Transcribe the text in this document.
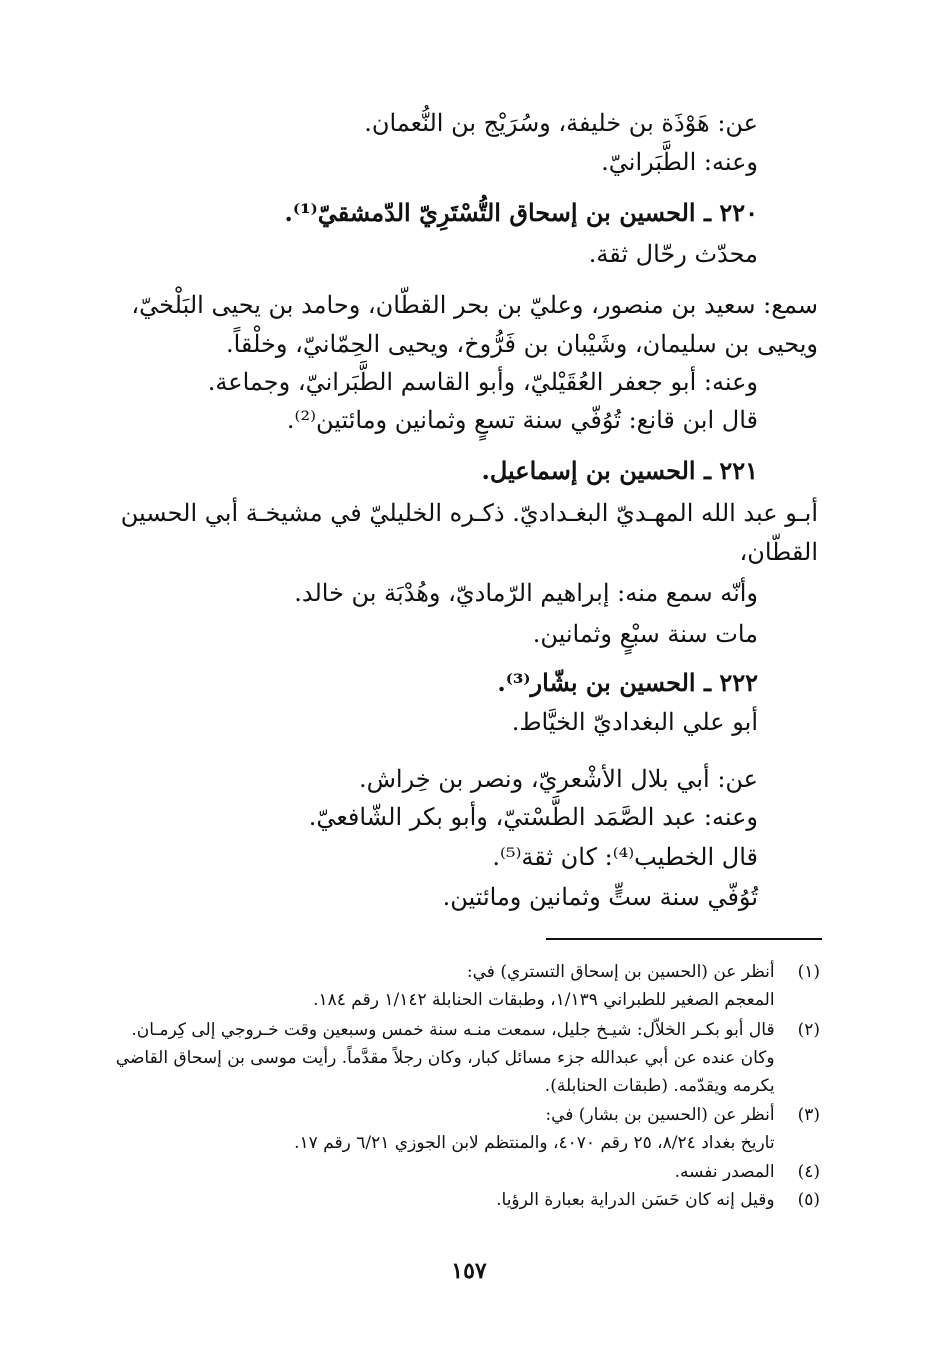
عن: هَوْذَة بن خليفة، وسُرَيْج بن النُّعمان.
وعنه: الطَّبَرانيّ.
٢٢٠ ـ الحسين بن إسحاق التُّسْتَرِيّ الدّمشقيّ⁽¹⁾.
محدّث رحّال ثقة.
سمع: سعيد بن منصور، وعليّ بن بحر القطّان، وحامد بن يحيى البَلْخيّ،
ويحيى بن سليمان، وشَيْبان بن فَرُّوخ، ويحيى الحِمّانيّ، وخلْقاً.
وعنه: أبو جعفر العُقَيْليّ، وأبو القاسم الطَّبَرانيّ، وجماعة.
قال ابن قانع: تُوُفّي سنة تسعٍ وثمانين ومائتين⁽²⁾.
٢٢١ ـ الحسين بن إسماعيل.
أبـو عبد الله المهـديّ البغـداديّ. ذكـره الخليليّ في مشيخـة أبي الحسين
القطّان،
وأنّه سمع منه: إبراهيم الرّماديّ، وهُدْبَة بن خالد.
مات سنة سبْعٍ وثمانين.
٢٢٢ ـ الحسين بن بشّار⁽³⁾.
أبو علي البغداديّ الخيَّاط.
عن: أبي بلال الأشْعريّ، ونصر بن خِراش.
وعنه: عبد الصَّمَد الطَّسْتيّ، وأبو بكر الشّافعيّ.
قال الخطيب⁽⁴⁾: كان ثقة⁽⁵⁾.
تُوُفّي سنة ستٍّ وثمانين ومائتين.
(١) أنظر عن (الحسين بن إسحاق التستري) في:
المعجم الصغير للطبراني ١/١٣٩، وطبقات الحنابلة ١/١٤٢ رقم ١٨٤.
(٢) قال أبو بكـر الخلاّل: شيـخ جليل، سمعت منـه سنة خمس وسبعين وقت خـروجي إلى كِرمـان.
وكان عنده عن أبي عبدالله جزء مسائل كبار، وكان رجلاً مقدَّماً. رأيت موسى بن إسحاق القاضي
يكرمه ويقدّمه. (طبقات الحنابلة).
(٣) أنظر عن (الحسين بن بشار) في:
تاريخ بغداد ٨/٢٤، ٢٥ رقم ٤٠٧٠، والمنتظم لابن الجوزي ٦/٢١ رقم ١٧.
(٤) المصدر نفسه.
(٥) وقيل إنه كان حَسَن الدراية بعبارة الرؤيا.
١٥٧
